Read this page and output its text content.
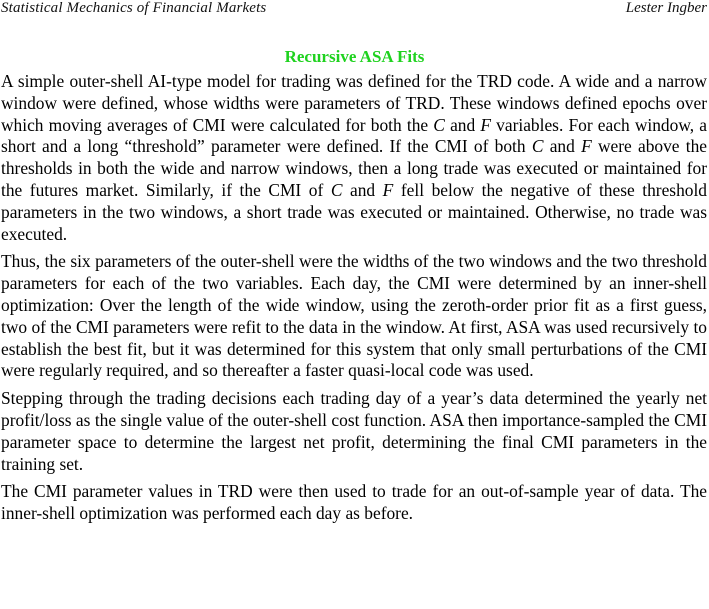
Statistical Mechanics of Financial Markets	Lester Ingber
Recursive ASA Fits

A simple outer-shell AI-type model for trading was defined for the TRD code. A wide and a narrow window were defined, whose widths were parameters of TRD. These windows defined epochs over which moving averages of CMI were calculated for both the C and F variables. For each window, a short and a long “threshold” parameter were defined. If the CMI of both C and F were above the thresholds in both the wide and narrow windows, then a long trade was executed or maintained for the futures market. Similarly, if the CMI of C and F fell below the negative of these threshold parameters in the two windows, a short trade was executed or maintained. Otherwise, no trade was executed.

Thus, the six parameters of the outer-shell were the widths of the two windows and the two threshold parameters for each of the two variables. Each day, the CMI were determined by an inner-shell optimization: Over the length of the wide window, using the zeroth-order prior fit as a first guess, two of the CMI parameters were refit to the data in the window. At first, ASA was used recursively to establish the best fit, but it was determined for this system that only small perturbations of the CMI were regularly required, and so thereafter a faster quasi-local code was used.

Stepping through the trading decisions each trading day of a year’s data determined the yearly net profit/loss as the single value of the outer-shell cost function. ASA then importance-sampled the CMI parameter space to determine the largest net profit, determining the final CMI parameters in the training set.

The CMI parameter values in TRD were then used to trade for an out-of-sample year of data. The inner-shell optimization was performed each day as before.
